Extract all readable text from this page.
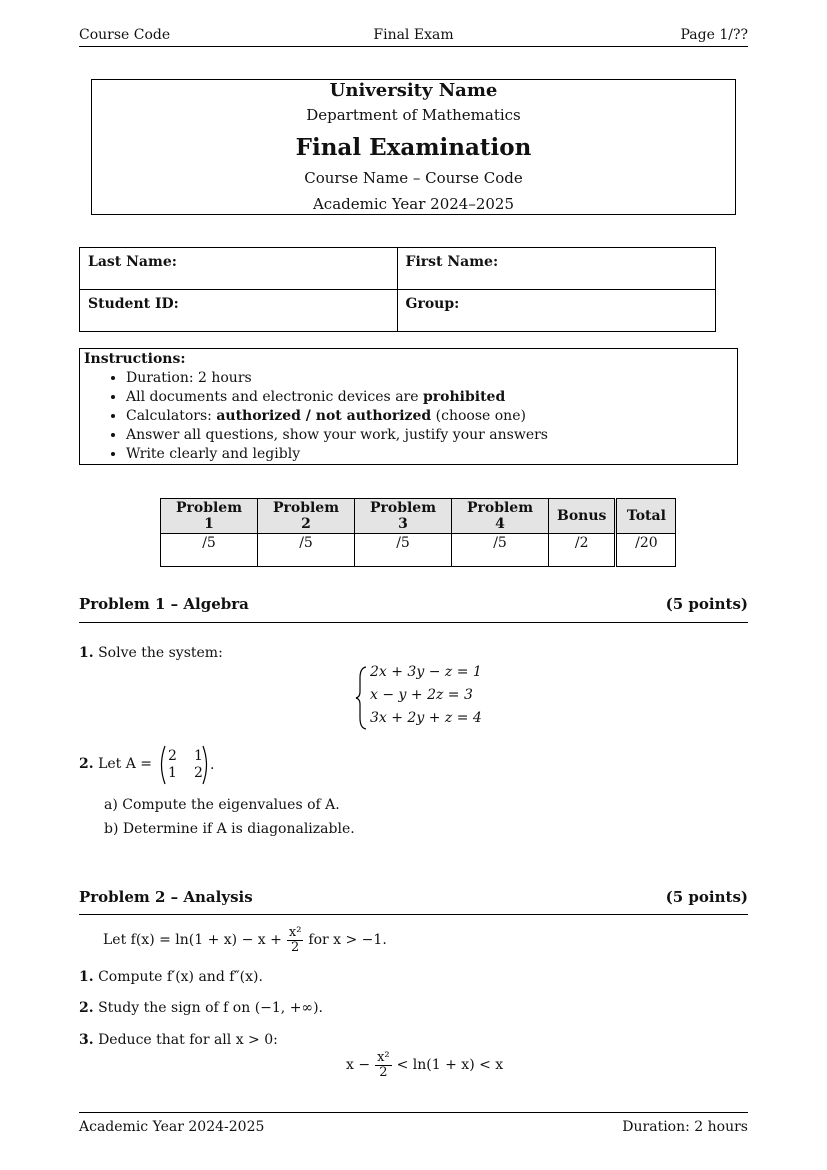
Course Code	Final Exam	Page 1/??
University Name
Department of Mathematics
Final Examination
Course Name – Course Code
Academic Year 2024–2025
Last Name:	First Name:
Student ID:	Group:
Instructions:
• Duration: 2 hours
• All documents and electronic devices are prohibited
• Calculators: authorized / not authorized (choose one)
• Answer all questions, show your work, justify your answers
• Write clearly and legibly
Problem 1	Problem 2	Problem 3	Problem 4	Bonus	Total
/5	/5	/5	/5	/2	/20
Problem 1 – Algebra	(5 points)
1. Solve the system:
2x + 3y − z = 1
x − y + 2z = 3
3x + 2y + z = 4
2. Let A = 2 1
1 2 .
a) Compute the eigenvalues of A.
b) Determine if A is diagonalizable.
Problem 2 – Analysis	(5 points)
Let $f(x) = \ln(1 + x) - x + \frac{\text{x²}}{2}$ for x > −1.
1. Compute f′(x) and f″(x).
2. Study the sign of f on (−1, +∞).
3. Deduce that for all x > 0:
$x - \frac{\text{x²}}{2} < \ln(1 + x) < x$
Academic Year 2024-2025	Duration: 2 hours
